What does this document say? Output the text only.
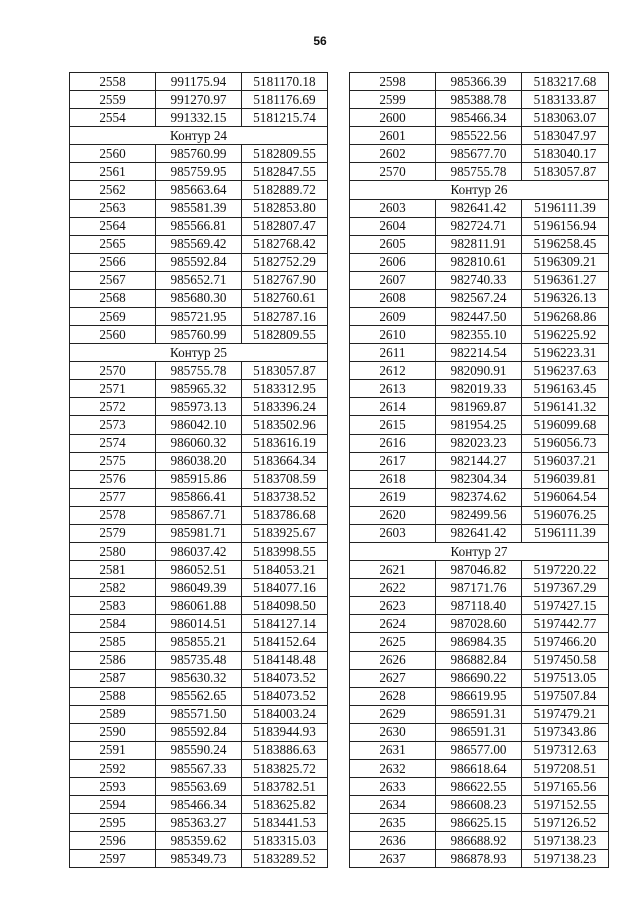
56
2558	991175.94	5181170.18
2559	991270.97	5181176.69
2554	991332.15	5181215.74
Контур 24		
2560	985760.99	5182809.55
2561	985759.95	5182847.55
2562	985663.64	5182889.72
2563	985581.39	5182853.80
2564	985566.81	5182807.47
2565	985569.42	5182768.42
2566	985592.84	5182752.29
2567	985652.71	5182767.90
2568	985680.30	5182760.61
2569	985721.95	5182787.16
2560	985760.99	5182809.55
Контур 25		
2570	985755.78	5183057.87
2571	985965.32	5183312.95
2572	985973.13	5183396.24
2573	986042.10	5183502.96
2574	986060.32	5183616.19
2575	986038.20	5183664.34
2576	985915.86	5183708.59
2577	985866.41	5183738.52
2578	985867.71	5183786.68
2579	985981.71	5183925.67
2580	986037.42	5183998.55
2581	986052.51	5184053.21
2582	986049.39	5184077.16
2583	986061.88	5184098.50
2584	986014.51	5184127.14
2585	985855.21	5184152.64
2586	985735.48	5184148.48
2587	985630.32	5184073.52
2588	985562.65	5184073.52
2589	985571.50	5184003.24
2590	985592.84	5183944.93
2591	985590.24	5183886.63
2592	985567.33	5183825.72
2593	985563.69	5183782.51
2594	985466.34	5183625.82
2595	985363.27	5183441.53
2596	985359.62	5183315.03
2597	985349.73	5183289.52
2598	985366.39	5183217.68
2599	985388.78	5183133.87
2600	985466.34	5183063.07
2601	985522.56	5183047.97
2602	985677.70	5183040.17
2570	985755.78	5183057.87
Контур 26		
2603	982641.42	5196111.39
2604	982724.71	5196156.94
2605	982811.91	5196258.45
2606	982810.61	5196309.21
2607	982740.33	5196361.27
2608	982567.24	5196326.13
2609	982447.50	5196268.86
2610	982355.10	5196225.92
2611	982214.54	5196223.31
2612	982090.91	5196237.63
2613	982019.33	5196163.45
2614	981969.87	5196141.32
2615	981954.25	5196099.68
2616	982023.23	5196056.73
2617	982144.27	5196037.21
2618	982304.34	5196039.81
2619	982374.62	5196064.54
2620	982499.56	5196076.25
2603	982641.42	5196111.39
Контур 27		
2621	987046.82	5197220.22
2622	987171.76	5197367.29
2623	987118.40	5197427.15
2624	987028.60	5197442.77
2625	986984.35	5197466.20
2626	986882.84	5197450.58
2627	986690.22	5197513.05
2628	986619.95	5197507.84
2629	986591.31	5197479.21
2630	986591.31	5197343.86
2631	986577.00	5197312.63
2632	986618.64	5197208.51
2633	986622.55	5197165.56
2634	986608.23	5197152.55
2635	986625.15	5197126.52
2636	986688.92	5197138.23
2637	986878.93	5197138.23
